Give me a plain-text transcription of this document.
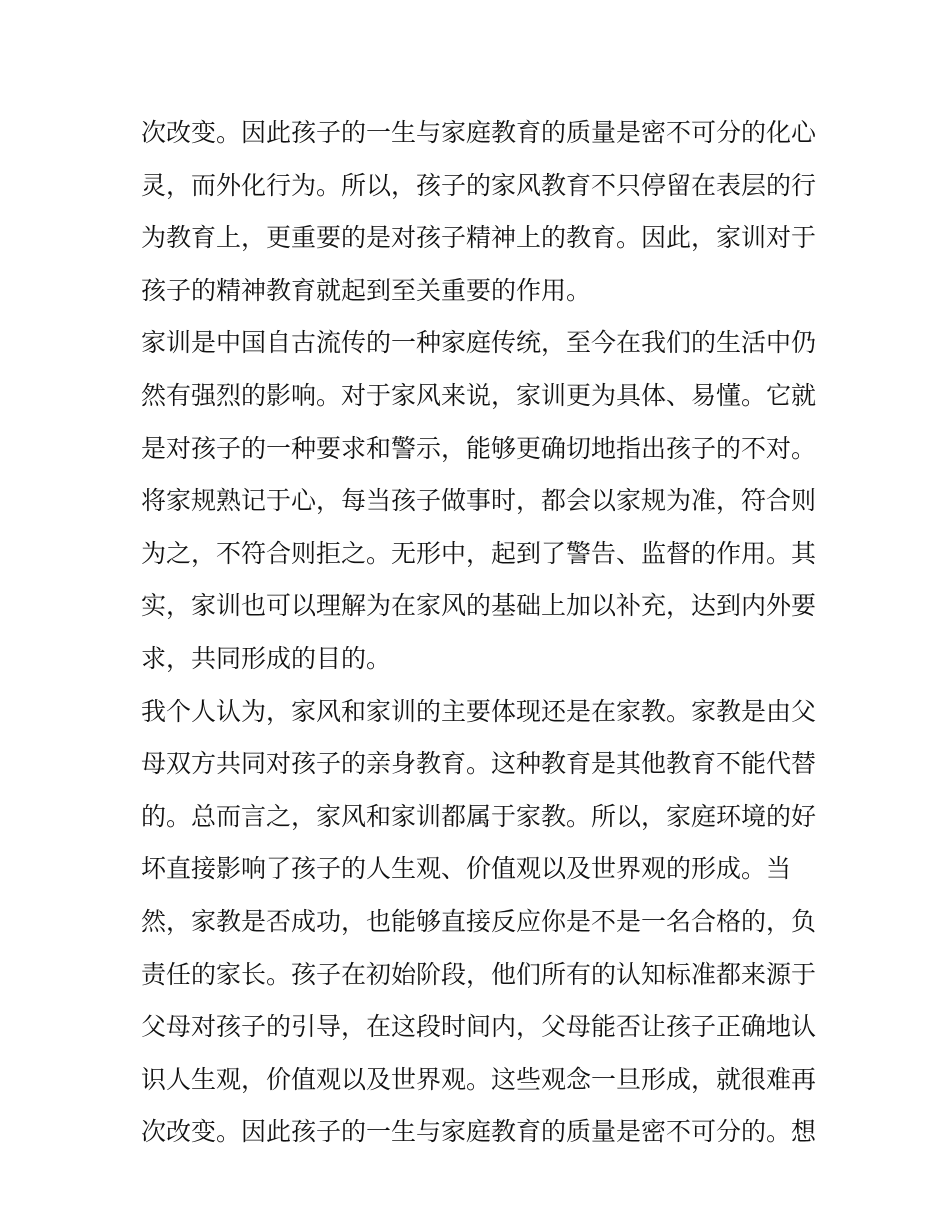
次改变。因此孩子的一生与家庭教育的质量是密不可分的化心
灵，而外化行为。所以，孩子的家风教育不只停留在表层的行
为教育上，更重要的是对孩子精神上的教育。因此，家训对于
孩子的精神教育就起到至关重要的作用。
家训是中国自古流传的一种家庭传统，至今在我们的生活中仍
然有强烈的影响。对于家风来说，家训更为具体、易懂。它就
是对孩子的一种要求和警示，能够更确切地指出孩子的不对。
将家规熟记于心，每当孩子做事时，都会以家规为准，符合则
为之，不符合则拒之。无形中，起到了警告、监督的作用。其
实，家训也可以理解为在家风的基础上加以补充，达到内外要
求，共同形成的目的。
我个人认为，家风和家训的主要体现还是在家教。家教是由父
母双方共同对孩子的亲身教育。这种教育是其他教育不能代替
的。总而言之，家风和家训都属于家教。所以，家庭环境的好
坏直接影响了孩子的人生观、价值观以及世界观的形成。当
然，家教是否成功，也能够直接反应你是不是一名合格的，负
责任的家长。孩子在初始阶段，他们所有的认知标准都来源于
父母对孩子的引导，在这段时间内，父母能否让孩子正确地认
识人生观，价值观以及世界观。这些观念一旦形成，就很难再
次改变。因此孩子的一生与家庭教育的质量是密不可分的。想
